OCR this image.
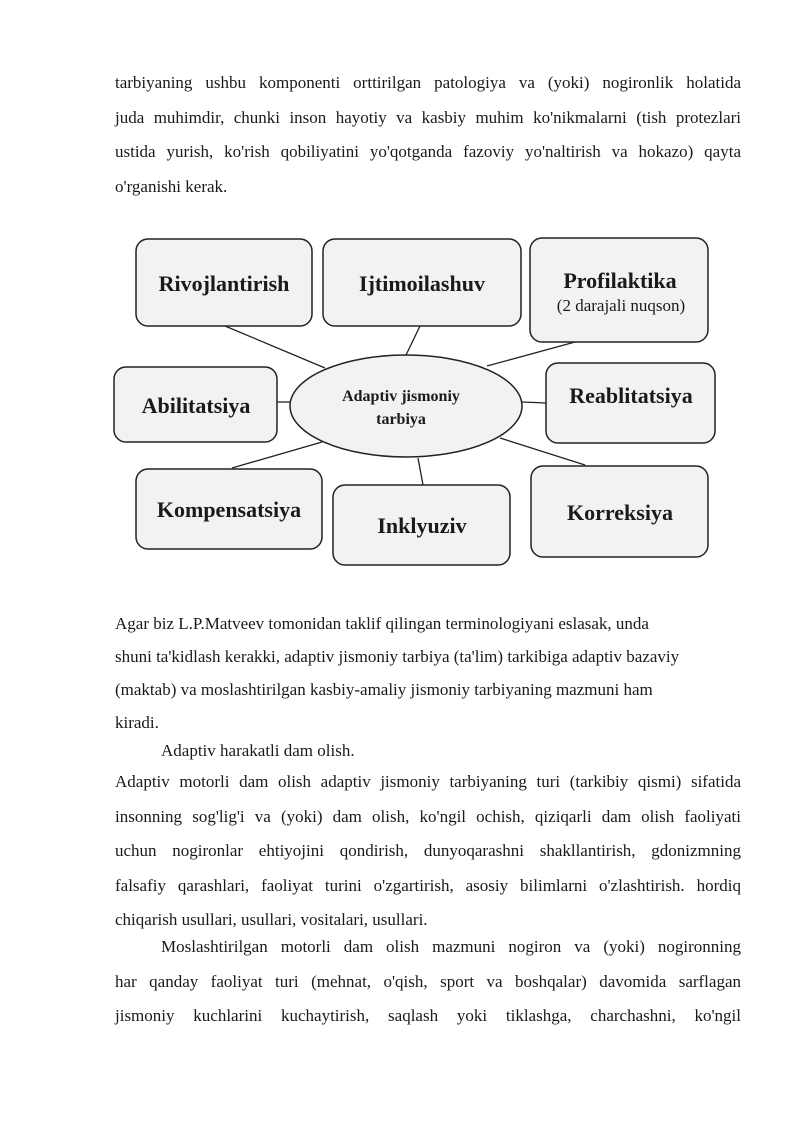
tarbiyaning ushbu komponenti orttirilgan patologiya va (yoki) nogironlik holatida
juda muhimdir, chunki inson hayotiy va kasbiy muhim ko'nikmalarni (tish protezlari
ustida yurish, ko'rish qobiliyatini yo'qotganda fazoviy yo'naltirish va hokazo) qayta
o'rganishi kerak.
Adaptiv jismoniy
tarbiya
Rivojlantirish	Ijtimoilashuv	Profilaktika
(2 darajali nuqson)
Abilitatsiya	Reablitatsiya
Kompensatsiya
Inklyuziv
Korreksiya
Agar biz L.P.Matveev tomonidan taklif qilingan terminologiyani eslasak, unda
shuni ta'kidlash kerakki, adaptiv jismoniy tarbiya (ta'lim) tarkibiga adaptiv bazaviy
(maktab) va moslashtirilgan kasbiy-amaliy jismoniy tarbiyaning mazmuni ham
kiradi.
Adaptiv harakatli dam olish.
Adaptiv motorli dam olish adaptiv jismoniy tarbiyaning turi (tarkibiy qismi) sifatida
insonning sog'lig'i va (yoki) dam olish, ko'ngil ochish, qiziqarli dam olish faoliyati
uchun nogironlar ehtiyojini qondirish, dunyoqarashni shakllantirish, gdonizmning
falsafiy qarashlari, faoliyat turini o'zgartirish, asosiy bilimlarni o'zlashtirish. hordiq
chiqarish usullari, usullari, vositalari, usullari.
Moslashtirilgan motorli dam olish mazmuni nogiron va (yoki) nogironning
har qanday faoliyat turi (mehnat, o'qish, sport va boshqalar) davomida sarflagan
jismoniy kuchlarini kuchaytirish, saqlash yoki tiklashga, charchashni, ko'ngil
